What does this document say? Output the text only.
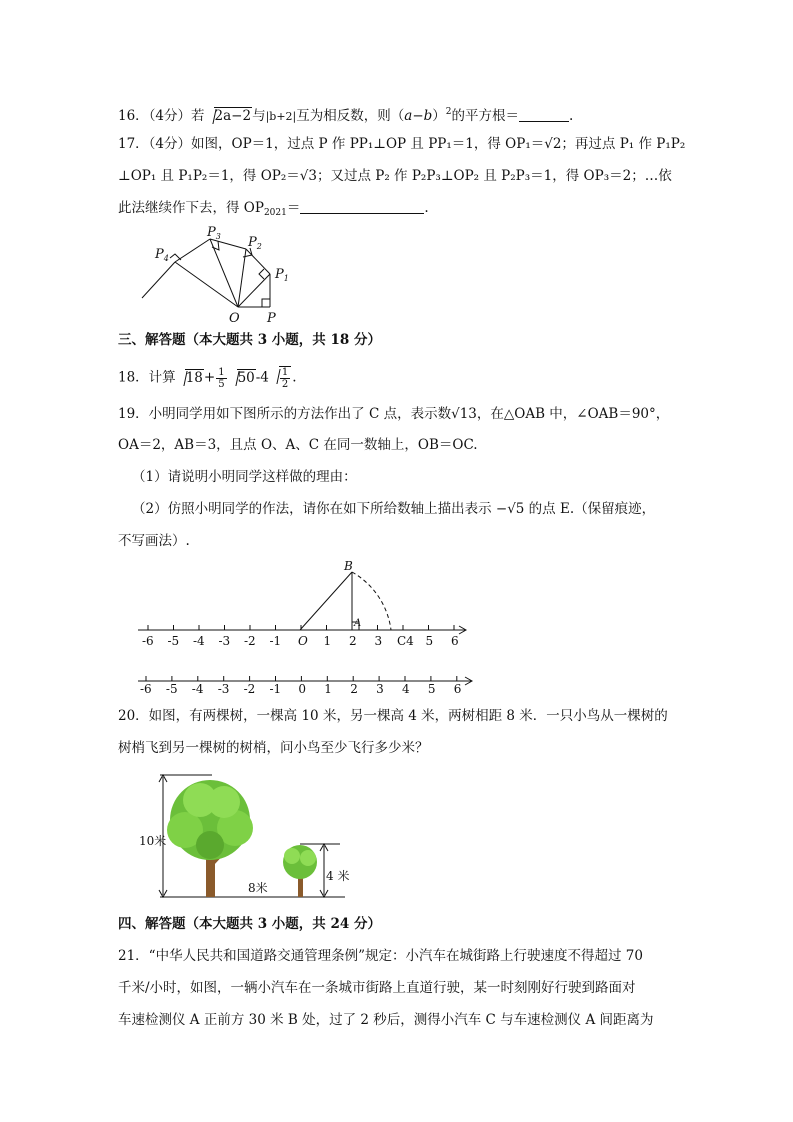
16．（4分）若 2a−2与|b+2|互为相反数，则$(a-b)^2$的平方根＝	.
17．（4分）如图，OP＝1，过点 P 作 PP₁⊥OP 且 PP₁＝1，得 OP₁＝√2；再过点 P₁ 作 P₁P₂
⊥OP₁ 且 P₁P₂＝1，得 OP₂＝√3；又过点 P₂ 作 P₂P₃⊥OP₂ 且 P₂P₃＝1，得 OP₃＝2；…依
此法继续作下去，得 $OP_{2021}=$	.
$P_4$
$P_3$ $P_2$
$P_1$
O P
三、解答题（本大题共 3 小题，共 18 分）
18．计算 $18+ \frac{1}{5} 50-4 \frac{1}{2}$ .
19．小明同学用如下图所示的方法作出了 C 点，表示数√13，在△OAB 中，∠OAB＝90°，
OA＝2，AB＝3，且点 O、A、C 在同一数轴上，OB＝OC.
（1）请说明小明同学这样做的理由：
（2）仿照小明同学的作法，请你在如下所给数轴上描出表示 −√5 的点 E.（保留痕迹，
不写画法）.
-6 -5 -4 -3 -2 -1 O 1 2 3 C4 5 6
-6 -5 -4 -3 -2 -1 0 1 2 3 4 5 6
B
A
20．如图，有两棵树，一棵高 10 米，另一棵高 4 米，两树相距 8 米．一只小鸟从一棵树的
树梢飞到另一棵树的树梢，问小鸟至少飞行多少米？
10米
4 米
8米
四、解答题（本大题共 3 小题，共 24 分）
21．“中华人民共和国道路交通管理条例”规定：小汽车在城街路上行驶速度不得超过 70
千米/小时，如图，一辆小汽车在一条城市街路上直道行驶，某一时刻刚好行驶到路面对
车速检测仪 A 正前方 30 米 B 处，过了 2 秒后，测得小汽车 C 与车速检测仪 A 间距离为
